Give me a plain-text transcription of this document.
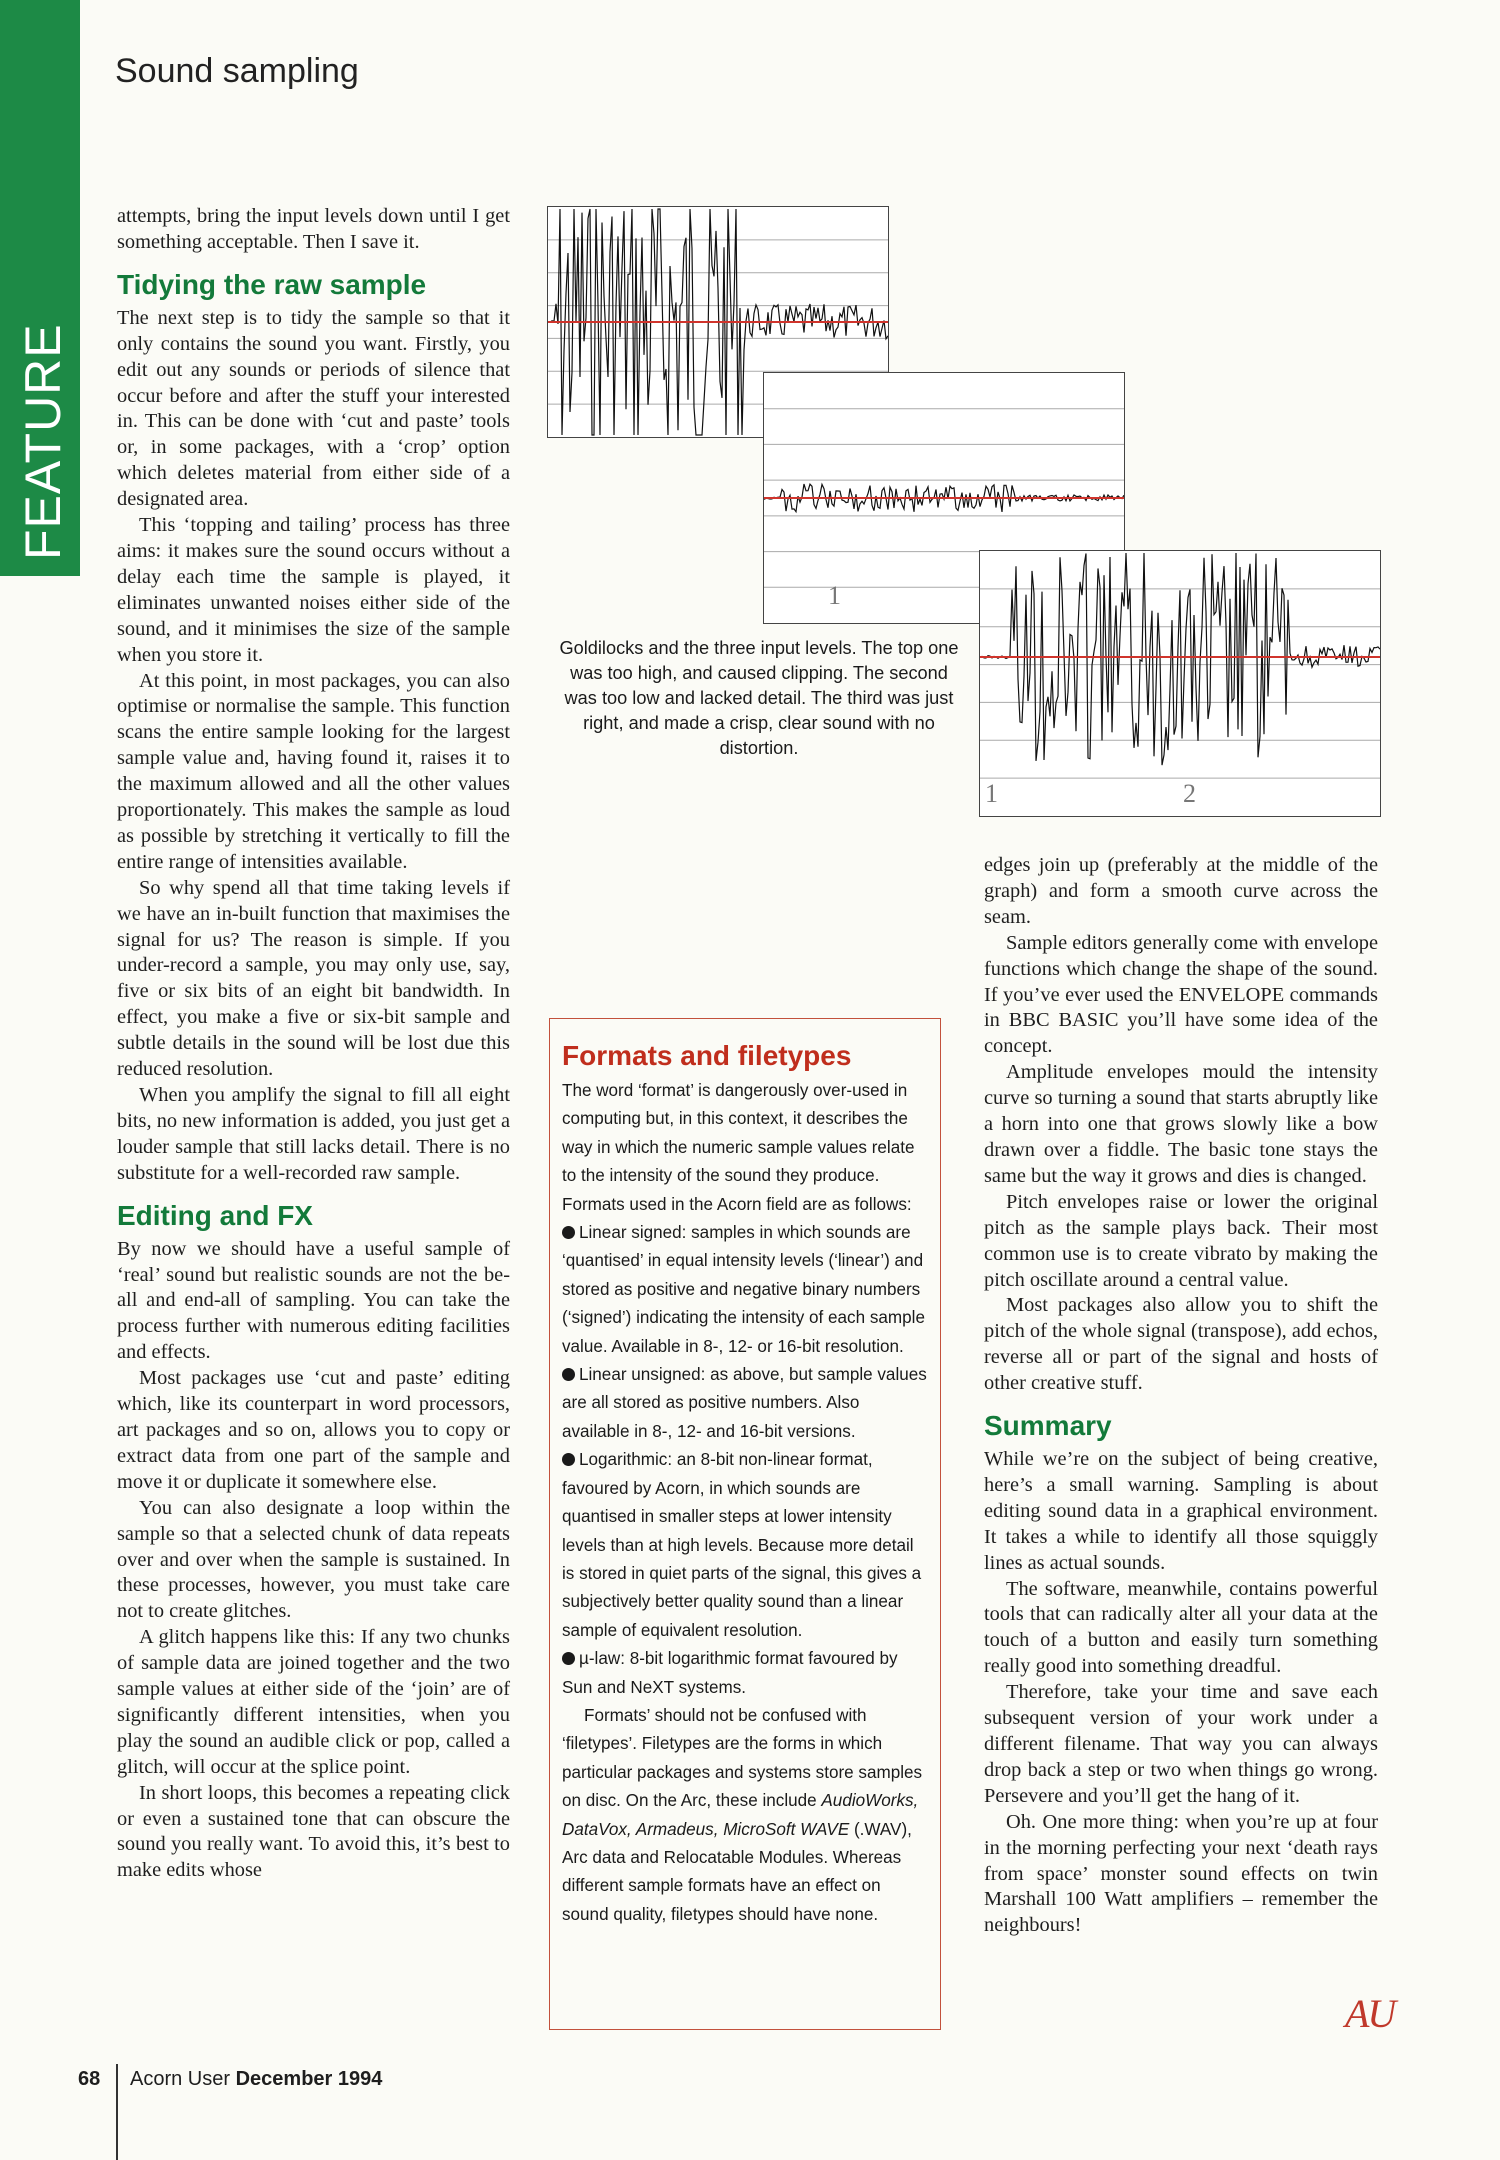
FEATURE
Sound sampling

attempts, bring the input levels down until I get something acceptable. Then I save it.

Tidying the raw sample

The next step is to tidy the sample so that it only contains the sound you want. Firstly, you edit out any sounds or periods of silence that occur before and after the stuff your interested in. This can be done with ‘cut and paste’ tools or, in some packages, with a ‘crop’ option which deletes material from either side of a designated area.

This ‘topping and tailing’ process has three aims: it makes sure the sound occurs without a delay each time the sample is played, it eliminates unwanted noises either side of the sound, and it minimises the size of the sample when you store it.

At this point, in most packages, you can also optimise or normalise the sample. This function scans the entire sample looking for the largest sample value and, having found it, raises it to the maximum allowed and all the other values proportionately. This makes the sample as loud as possible by stretching it vertically to fill the entire range of intensities available.

So why spend all that time taking levels if we have an in-built function that maximises the signal for us? The reason is simple. If you under-record a sample, you may only use, say, five or six bits of an eight bit bandwidth. In effect, you make a five or six-bit sample and subtle details in the sound will be lost due this reduced resolution.

When you amplify the signal to fill all eight bits, no new information is added, you just get a louder sample that still lacks detail. There is no substitute for a well-recorded raw sample.

Editing and FX

By now we should have a useful sample of ‘real’ sound but realistic sounds are not the be-all and end-all of sampling. You can take the process further with numerous editing facilities and effects.

Most packages use ‘cut and paste’ editing which, like its counterpart in word processors, art packages and so on, allows you to copy or extract data from one part of the sample and move it or duplicate it somewhere else.

You can also designate a loop within the sample so that a selected chunk of data repeats over and over when the sample is sustained. In these processes, however, you must take care not to create glitches.

A glitch happens like this: If any two chunks of sample data are joined together and the two sample values at either side of the ‘join’ are of significantly different intensities, when you play the sound an audible click or pop, called a glitch, will occur at the splice point.

In short loops, this becomes a repeating click or even a sustained tone that can obscure the sound you really want. To avoid this, it’s best to make edits whose

1
1	2
Goldilocks and the three input levels. The top one was too high, and caused clipping. The second was too low and lacked detail. The third was just right, and made a crisp, clear sound with no distortion.
Formats and filetypes

The word ‘format’ is dangerously over-used in computing but, in this context, it describes the way in which the numeric sample values relate to the intensity of the sound they produce. Formats used in the Acorn field are as follows:

Linear signed: samples in which sounds are ‘quantised’ in equal intensity levels (‘linear’) and stored as positive and negative binary numbers (‘signed’) indicating the intensity of each sample value. Available in 8-, 12- or 16-bit resolution.

Linear unsigned: as above, but sample values are all stored as positive numbers. Also available in 8-, 12- and 16-bit versions.

Logarithmic: an 8-bit non-linear format, favoured by Acorn, in which sounds are quantised in smaller steps at lower intensity levels than at high levels. Because more detail is stored in quiet parts of the signal, this gives a subjectively better quality sound than a linear sample of equivalent resolution.

µ-law: 8-bit logarithmic format favoured by Sun and NeXT systems.

Formats’ should not be confused with ‘filetypes’. Filetypes are the forms in which particular packages and systems store samples on disc. On the Arc, these include AudioWorks, DataVox, Armadeus, MicroSoft WAVE (.WAV), Arc data and Relocatable Modules. Whereas different sample formats have an effect on sound quality, filetypes should have none.

edges join up (preferably at the middle of the graph) and form a smooth curve across the seam.

Sample editors generally come with envelope functions which change the shape of the sound. If you’ve ever used the ENVELOPE commands in BBC BASIC you’ll have some idea of the concept.

Amplitude envelopes mould the intensity curve so turning a sound that starts abruptly like a horn into one that grows slowly like a bow drawn over a fiddle. The basic tone stays the same but the way it grows and dies is changed.

Pitch envelopes raise or lower the original pitch as the sample plays back. Their most common use is to create vibrato by making the pitch oscillate around a central value.

Most packages also allow you to shift the pitch of the whole signal (transpose), add echos, reverse all or part of the signal and hosts of other creative stuff.

Summary

While we’re on the subject of being creative, here’s a small warning. Sampling is about editing sound data in a graphical environment. It takes a while to identify all those squiggly lines as actual sounds.

The software, meanwhile, contains powerful tools that can radically alter all your data at the touch of a button and easily turn something really good into something dreadful.

Therefore, take your time and save each subsequent version of your work under a different filename. That way you can always drop back a step or two when things go wrong. Persevere and you’ll get the hang of it.

Oh. One more thing: when you’re up at four in the morning perfecting your next ‘death rays from space’ monster sound effects on twin Marshall 100 Watt amplifiers – remember the neighbours!

AU
68 Acorn User December 1994
